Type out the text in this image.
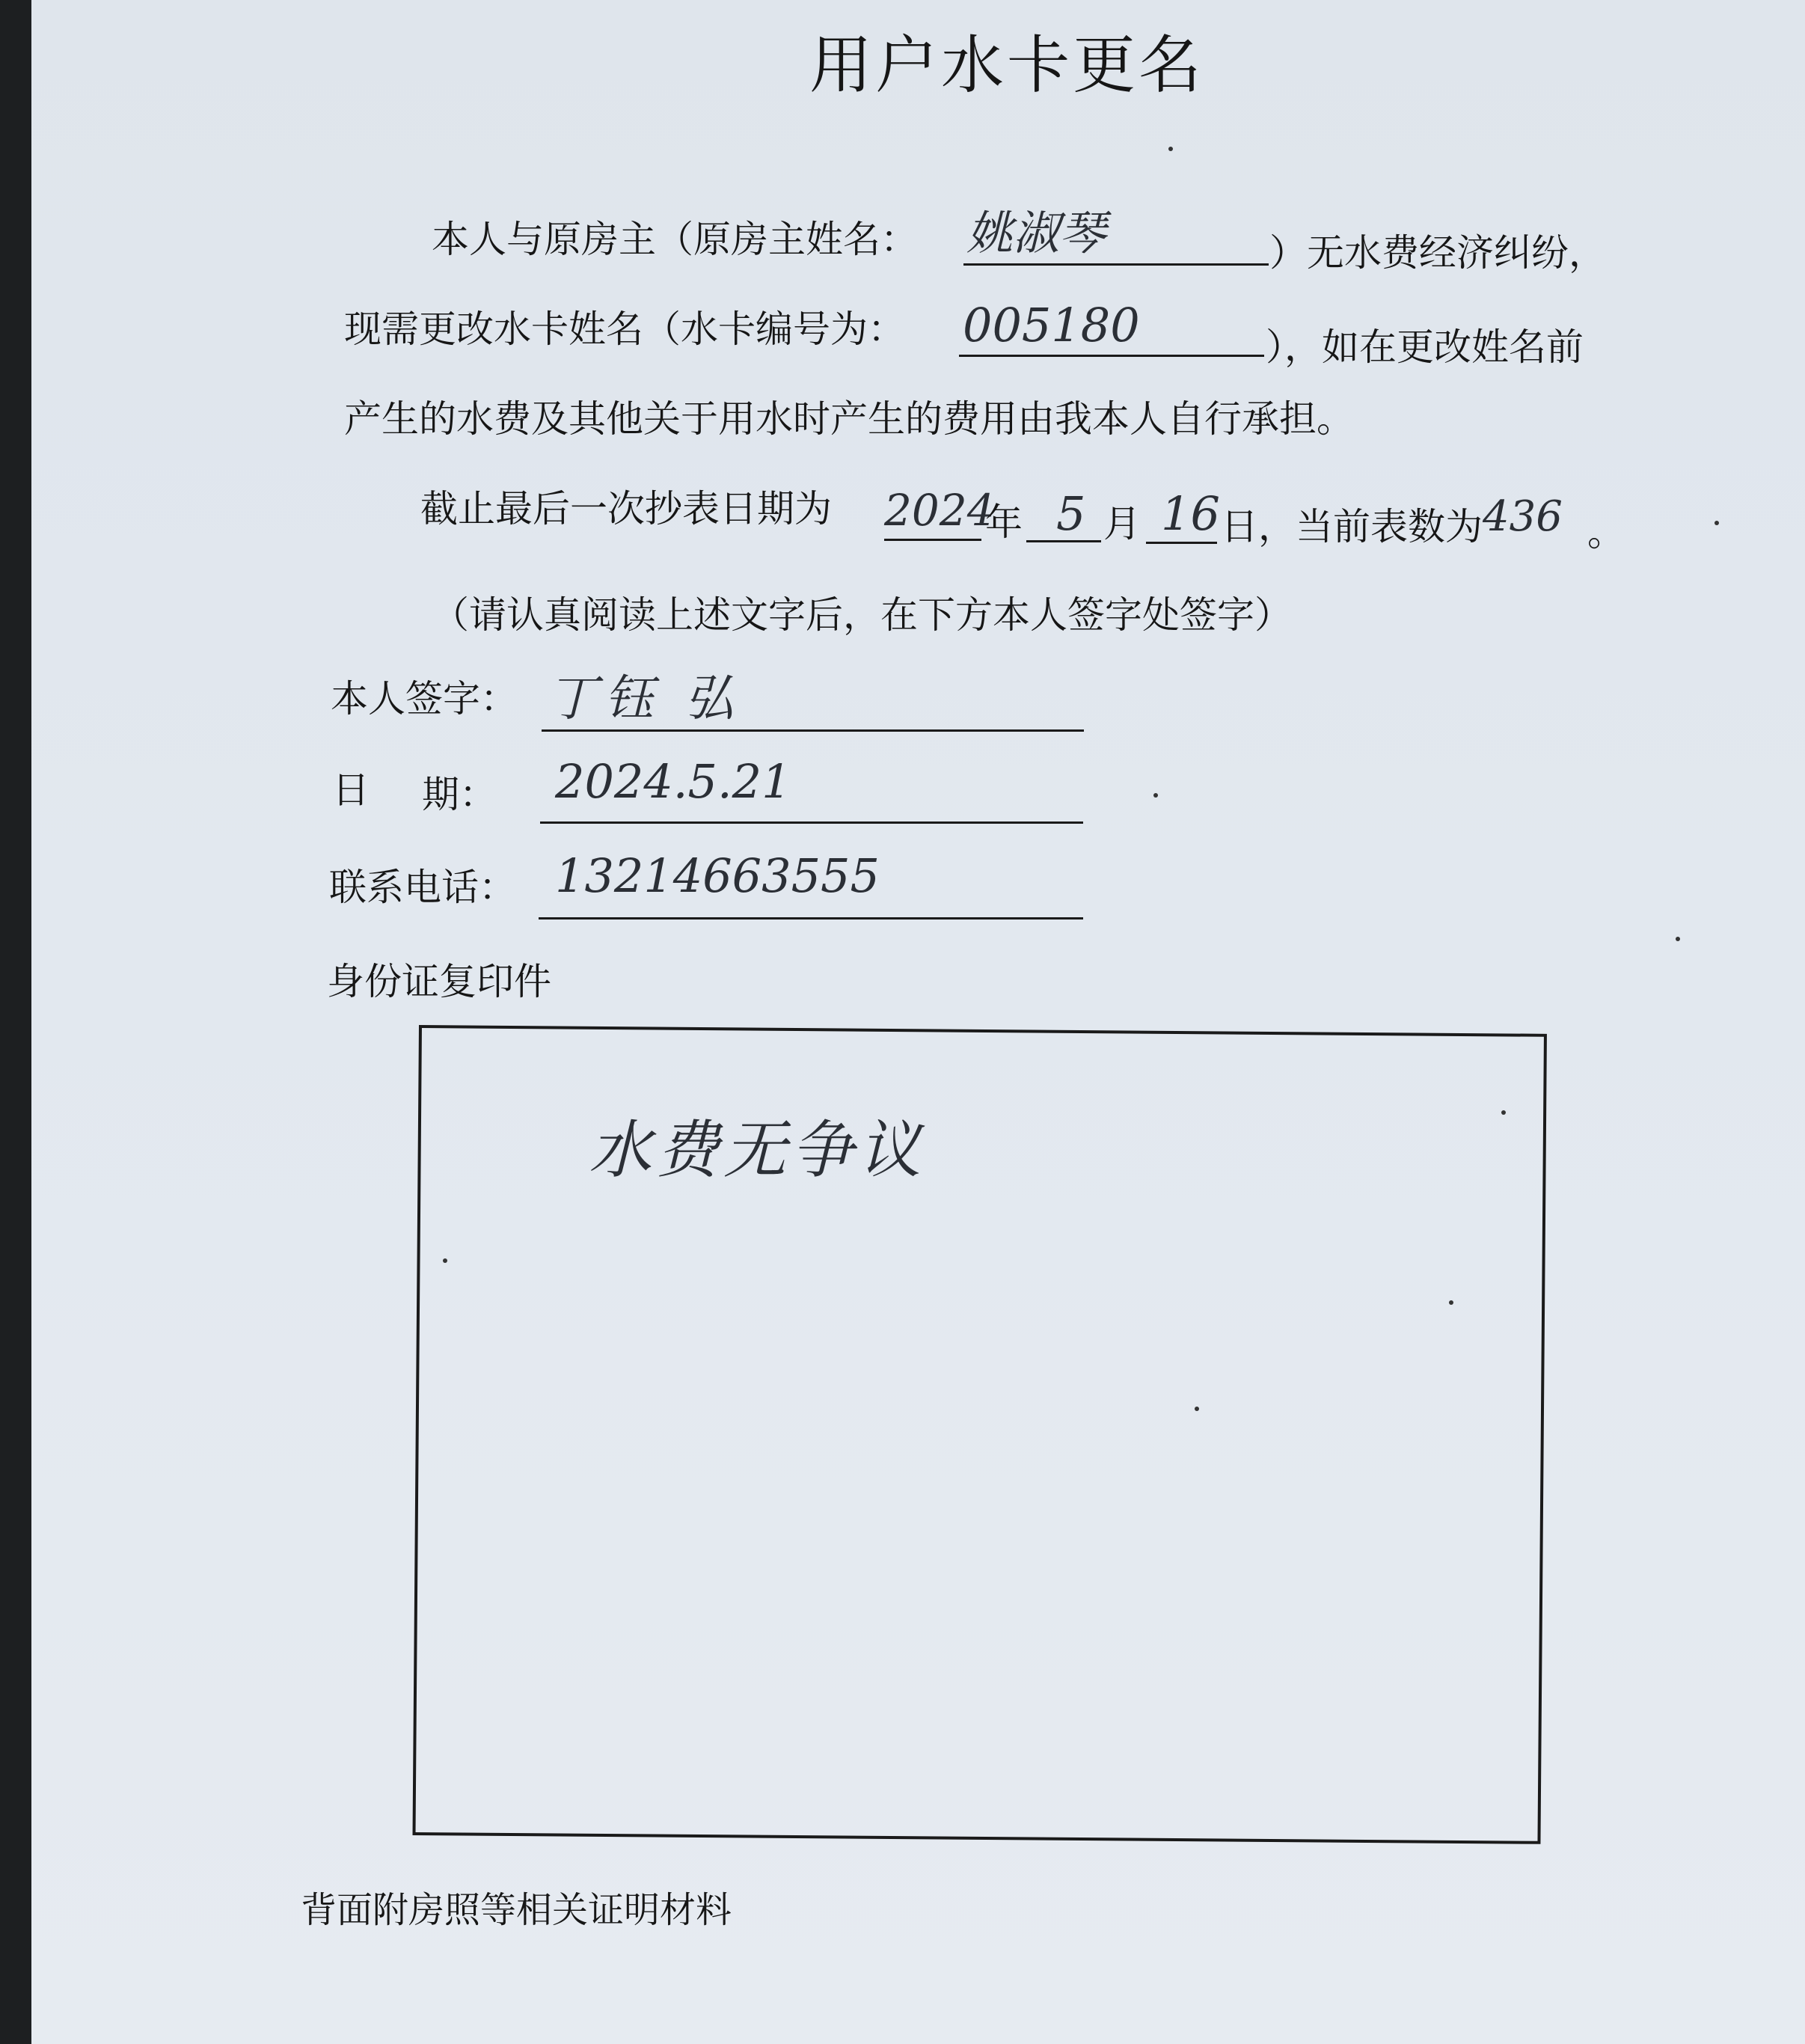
用户水卡更名
本人与原房主（原房主姓名： 姚淑琴	）无水费经济纠纷，
现需更改水卡姓名（水卡编号为： 005180	），如在更改姓名前
产生的水费及其他关于用水时产生的费用由我本人自行承担。
截止最后一次抄表日期为 2024
年 5 月 16 日，当前表数为 436 。
（请认真阅读上述文字后，在下方本人签字处签字）
本人签字： 丁钰 弘
日 期： 2024.5.21
联系电话： 13214663555
身份证复印件
水费无争议
背面附房照等相关证明材料
